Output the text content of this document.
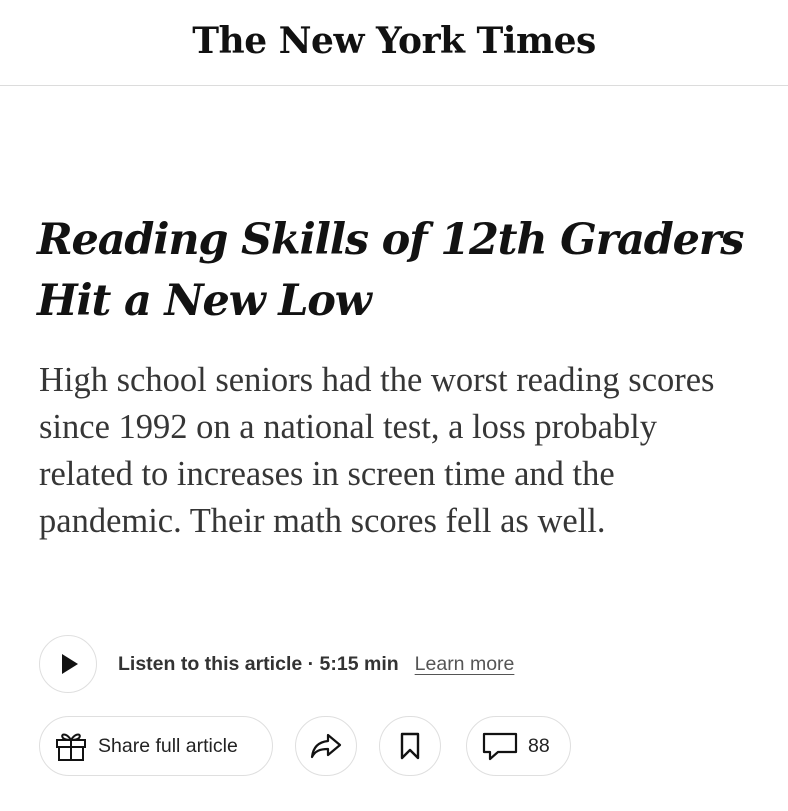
The New York Times
Reading Skills of 12th Graders Hit a New Low

High school seniors had the worst reading scores since 1992 on a national test, a loss probably related to increases in screen time and the pandemic. Their math scores fell as well.

Listen to this article · 5:15 min Learn more
Share full article	88
